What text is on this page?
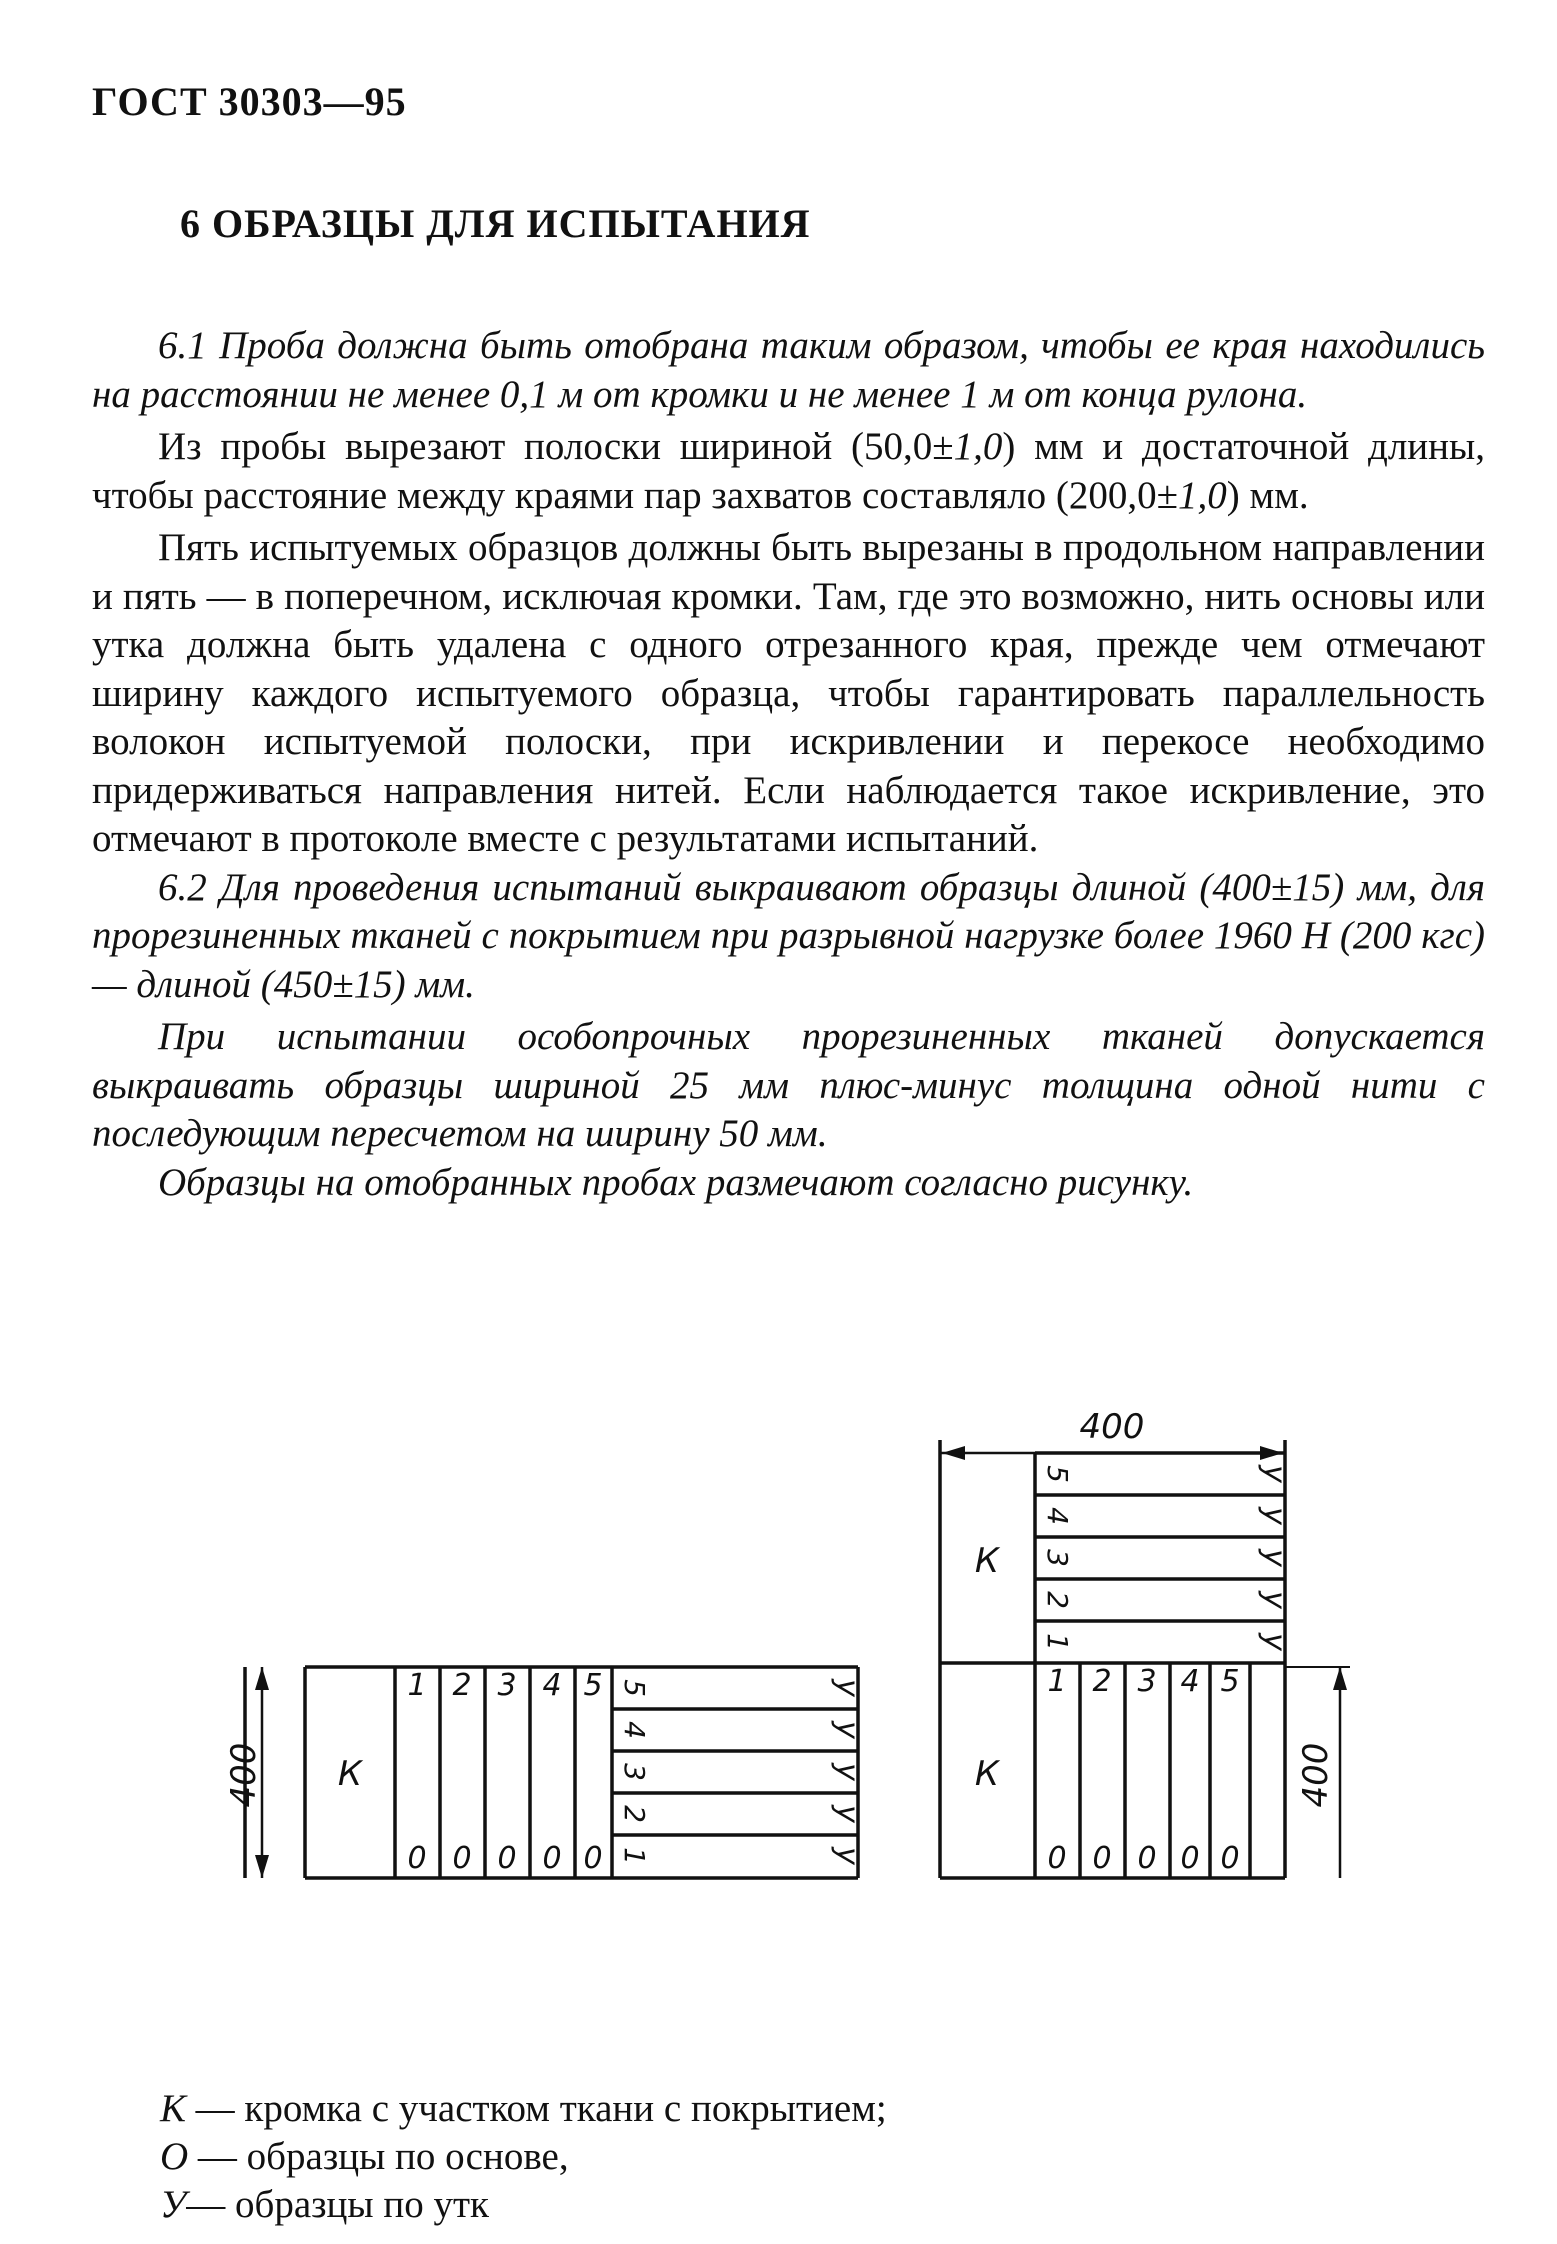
ГОСТ 30303—95
6 ОБРАЗЦЫ ДЛЯ ИСПЫТАНИЯ

6.1 Проба должна быть отобрана таким образом, чтобы ее края находились на расстоянии не менее 0,1 м от кромки и не менее 1 м от конца рулона.

Из пробы вырезают полоски шириной (50,0±1,0) мм и достаточной длины, чтобы расстояние между краями пар захватов составляло (200,0±1,0) мм.

Пять испытуемых образцов должны быть вырезаны в продольном направлении и пять — в поперечном, исключая кромки. Там, где это возможно, нить основы или утка должна быть удалена с одного отрезанного края, прежде чем отмечают ширину каждого испытуемого образца, чтобы гарантировать параллельность волокон испытуемой полоски, при искривлении и перекосе необходимо придерживаться направления нитей. Если наблюдается такое искривление, это отмечают в протоколе вместе с результатами испытаний.

6.2 Для проведения испытаний выкраивают образцы длиной (400±15) мм, для прорезиненных тканей с покрытием при разрывной нагрузке более 1960 Н (200 кгс) — длиной (450±15) мм.

При испытании особопрочных прорезиненных тканей допускается выкраивать образцы шириной 25 мм плюс-минус толщина одной нити с последующим пересчетом на ширину 50 мм.

Образцы на отобранных пробах размечают согласно рисунку.

400
400
400
К
К
К
1 2 3 4 5
0 0 0 0 0
5
4
3
2
1
у
у
у
у
у
5
4
3
2
1
у
у
у
у
у
1 2 3 4 5
0 0 0 0 0
К — кромка с участком ткани с покрытием;
О — образцы по основе,
У— образцы по утк
